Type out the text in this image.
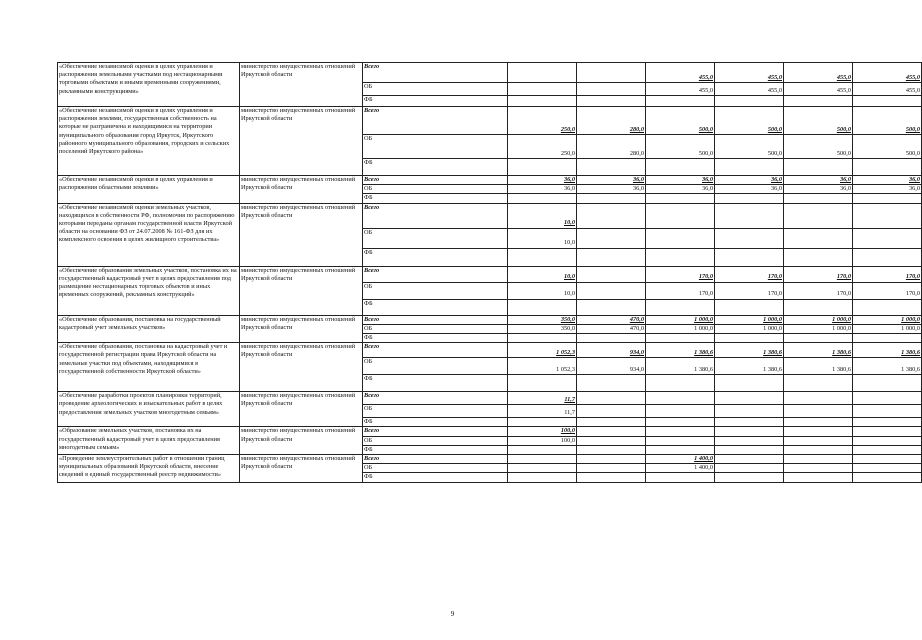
«Обеспечение независимой оценки в целях управления и распоряжения земельными участками под нестационарными торговыми объектами и иными временными сооружениями, рекламными конструкциями»	министерство имущественных отношений Иркутской области	Всего			455,0	455,0	455,0	455,0
		ОБ			455,0	455,0	455,0	455,0
		ФБ						
«Обеспечение независимой оценки в целях управления и распоряжения землями, государственная собственность на которые не разграничена и находящимися на территории муниципального образования город Иркутск, Иркутского районного муниципального образования, городских и сельских поселений Иркутского района»	министерство имущественных отношений Иркутской области	Всего	250,0	280,0	500,0	500,0	500,0	500,0
		ОБ	250,0	280,0	500,0	500,0	500,0	500,0
		ФБ						
«Обеспечение независимой оценки в целях управления и распоряжения областными землями»	министерство имущественных отношений Иркутской области	Всего	36,0	36,0	36,0	36,0	36,0	36,0
		ОБ	36,0	36,0	36,0	36,0	36,0	36,0
		ФБ						
«Обеспечение независимой оценки земельных участков, находящихся в собственности РФ, полномочия по распоряжению которыми переданы органам государственной власти Иркутской области на основании ФЗ от 24.07.2008 № 161-ФЗ для их комплексного освоения в целях жилищного строительства»	министерство имущественных отношений Иркутской области	Всего	10,0					
		ОБ	10,0					
		ФБ						
«Обеспечение образования земельных участков, постановка их на государственный кадастровый учет в целях предоставления под размещение нестационарных торговых объектов и иных временных сооружений, рекламных конструкций»	министерство имущественных отношений Иркутской области	Всего	10,0		170,0	170,0	170,0	170,0
		ОБ	10,0		170,0	170,0	170,0	170,0
		ФБ						
«Обеспечение образования, постановка на государственный кадастровый учет земельных участков»	министерство имущественных отношений Иркутской области	Всего	350,0	470,0	1 000,0	1 000,0	1 000,0	1 000,0
		ОБ	350,0	470,0	1 000,0	1 000,0	1 000,0	1 000,0
		ФБ						
«Обеспечение образования, постановка на кадастровый учет и государственной регистрации права Иркутской области на земельные участки под объектами, находящимися в государственной собственности Иркутской области»	министерство имущественных отношений Иркутской области	Всего	1 052,3	934,0	1 380,6	1 380,6	1 380,6	1 380,6
		ОБ	1 052,3	934,0	1 380,6	1 380,6	1 380,6	1 380,6
		ФБ						
«Обеспечение разработки проектов планировки территорий, проведение археологических и изыскательных работ в целях предоставления земельных участков многодетным семьям»	министерство имущественных отношений Иркутской области	Всего	11,7					
		ОБ	11,7					
		ФБ						
«Образование земельных участков, постановка их на государственный кадастровый учет в целях предоставления многодетным семьям»	министерство имущественных отношений Иркутской области	Всего	100,0					
		ОБ	100,0					
		ФБ						
«Проведение землеустроительных работ в отношении границ муниципальных образований Иркутской области, внесение сведений в единый государственный реестр недвижимости»	министерство имущественных отношений Иркутской области	Всего			1 400,0			
		ОБ			1 400,0			
		ФБ						
9
